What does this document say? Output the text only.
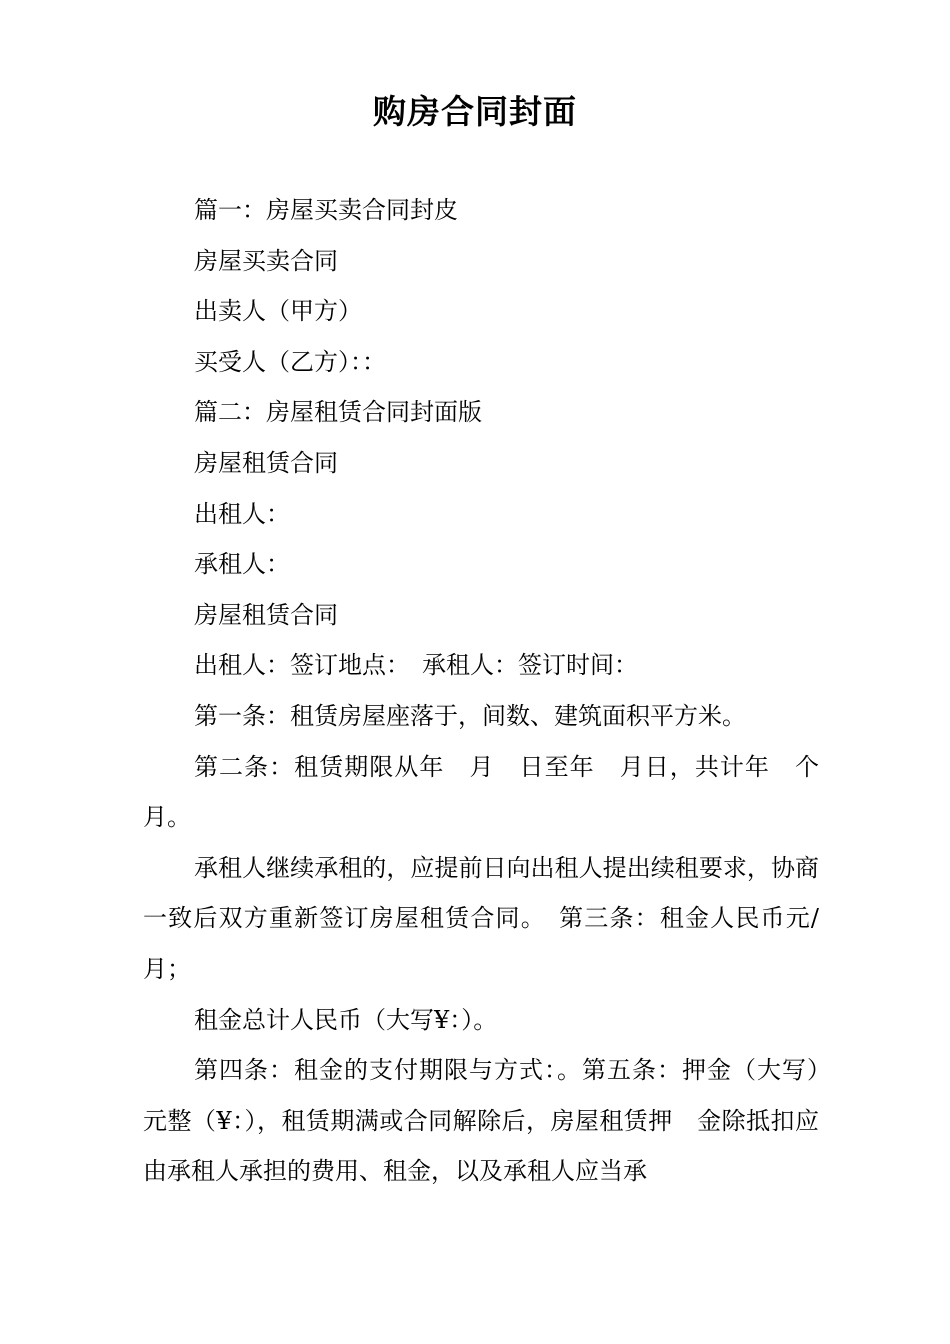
购房合同封面

篇一：房屋买卖合同封皮

房屋买卖合同

出卖人（甲方）

买受人（乙方）：：

篇二：房屋租赁合同封面版

房屋租赁合同

出租人：

承租人：

房屋租赁合同

出租人：签订地点：　承租人：签订时间：

第一条：租赁房屋座落于，间数、建筑面积平方米。

第二条：租赁期限从年　月　日至年　月日，共计年　个月。

承租人继续承租的，应提前日向出租人提出续租要求，协商一致后双方重新签订房屋租赁合同。　第三条：租金人民币元/月；

租金总计人民币（大写¥：）。

第四条：租金的支付期限与方式：。第五条：押金（大写）　元整（¥：），租赁期满或合同解除后，房屋租赁押　金除抵扣应由承租人承担的费用、租金，以及承租人应当承
